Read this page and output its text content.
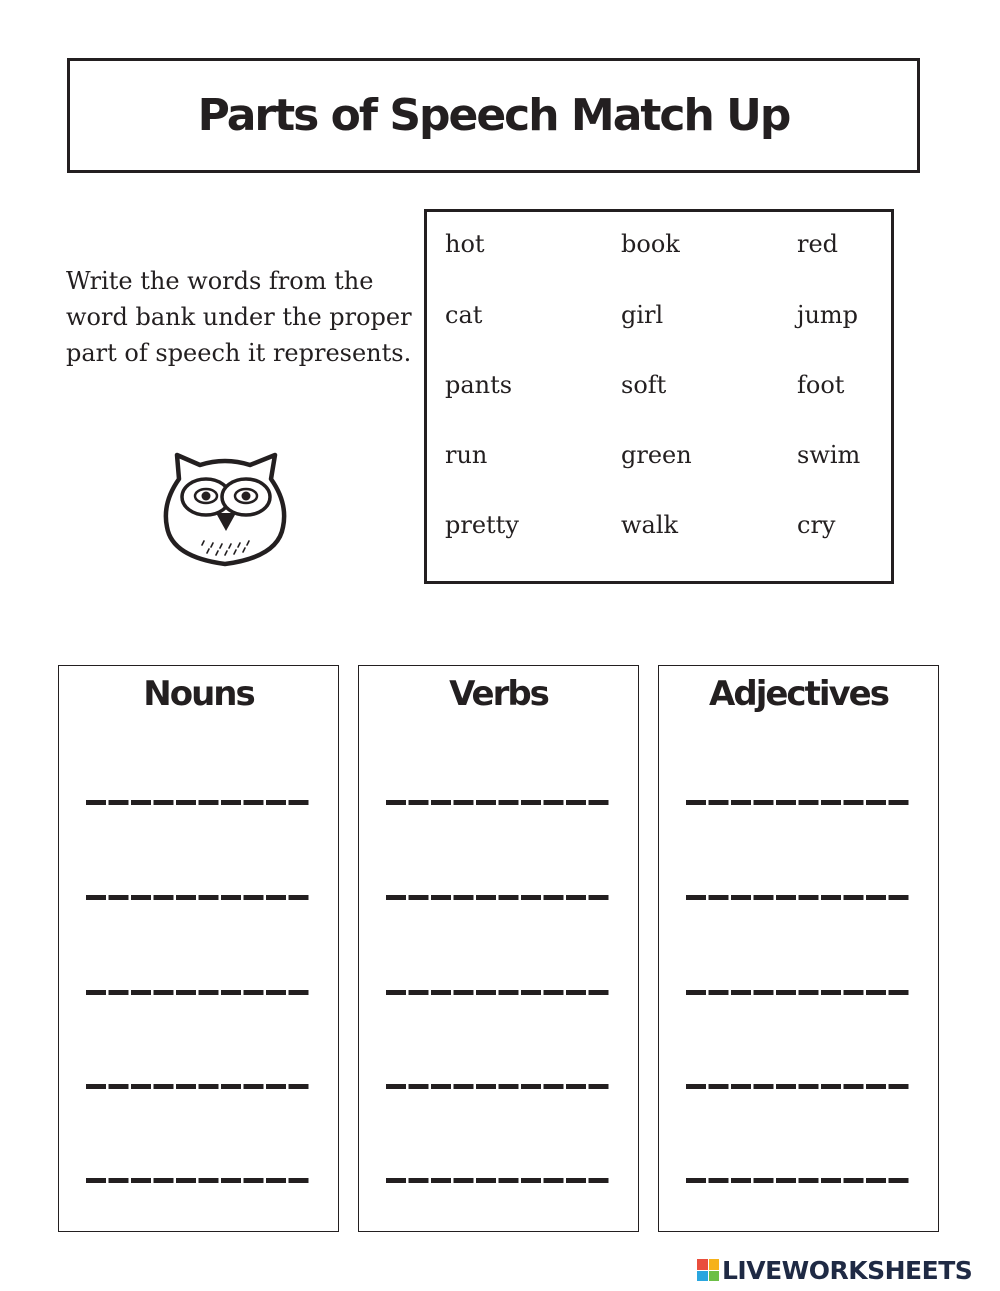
Parts of Speech Match Up
Write the words from the word bank under the proper part of speech it represents.
hot	book	red
cat	girl	jump
pants	soft	foot
run	green	swim
pretty	walk	cry
Nouns	Verbs	Adjectives
LIVEWORKSHEETS
